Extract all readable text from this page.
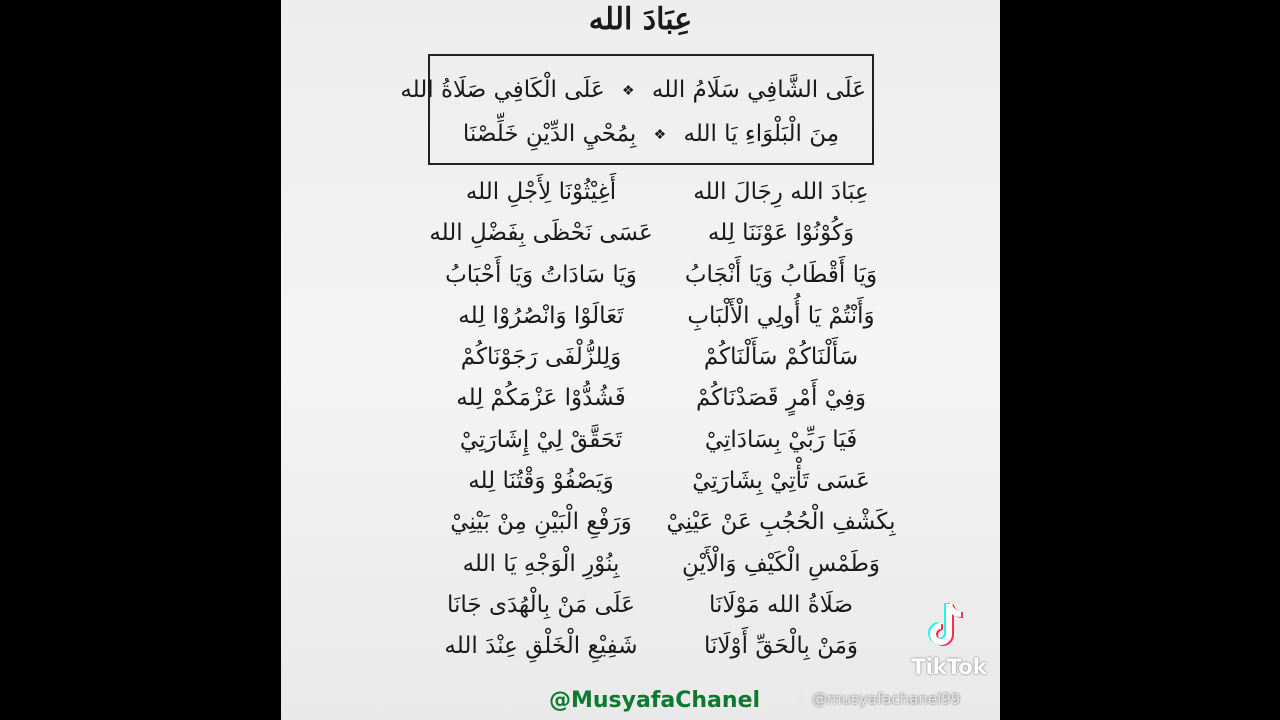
عِبَادَ الله
عَلَى الشَّافِي سَلَامُ الله ❖ عَلَى الْكَافِي صَلَاةُ الله
مِنَ الْبَلْوَاءِ يَا الله ❖ بِمُحْيِ الدِّيْنِ خَلِّصْنَا
عِبَادَ الله رِجَالَ الله
وَكُوْنُوْا عَوْنَنَا لِله
وَيَا أَقْطَابُ وَيَا أَنْجَابُ
وَأَنْتُمْ يَا أُولِي الْأَلْبَابِ
سَأَلْنَاكُمْ سَأَلْنَاكُمْ
وَفِيْ أَمْرٍ قَصَدْنَاكُمْ
فَيَا رَبِّيْ بِسَادَاتِيْ
عَسَى تَأْتِيْ بِشَارَتِيْ
بِكَشْفِ الْحُجُبِ عَنْ عَيْنِيْ
وَطَمْسِ الْكَيْفِ وَالْأَيْنِ
صَلَاةُ الله مَوْلَانَا
وَمَنْ بِالْحَقِّ أَوْلَانَا
أَغِيْثُوْنَا لِأَجْلِ الله
عَسَى نَحْظَى بِفَضْلِ الله
وَيَا سَادَاتُ وَيَا أَحْبَابُ
تَعَالَوْا وَانْصُرُوْا لِله
وَلِلزُّلْفَى رَجَوْنَاكُمْ
فَشُدُّوْا عَزْمَكُمْ لِله
تَحَقَّقْ لِيْ إِشَارَتِيْ
وَيَصْفُوْ وَقْتُنَا لِله
وَرَفْعِ الْبَيْنِ مِنْ بَيْنِيْ
بِنُوْرِ الْوَجْهِ يَا الله
عَلَى مَنْ بِالْهُدَى جَانَا
شَفِيْعِ الْخَلْقِ عِنْدَ الله
@MusyafaChanel
TikTok
@musyafachanel99
